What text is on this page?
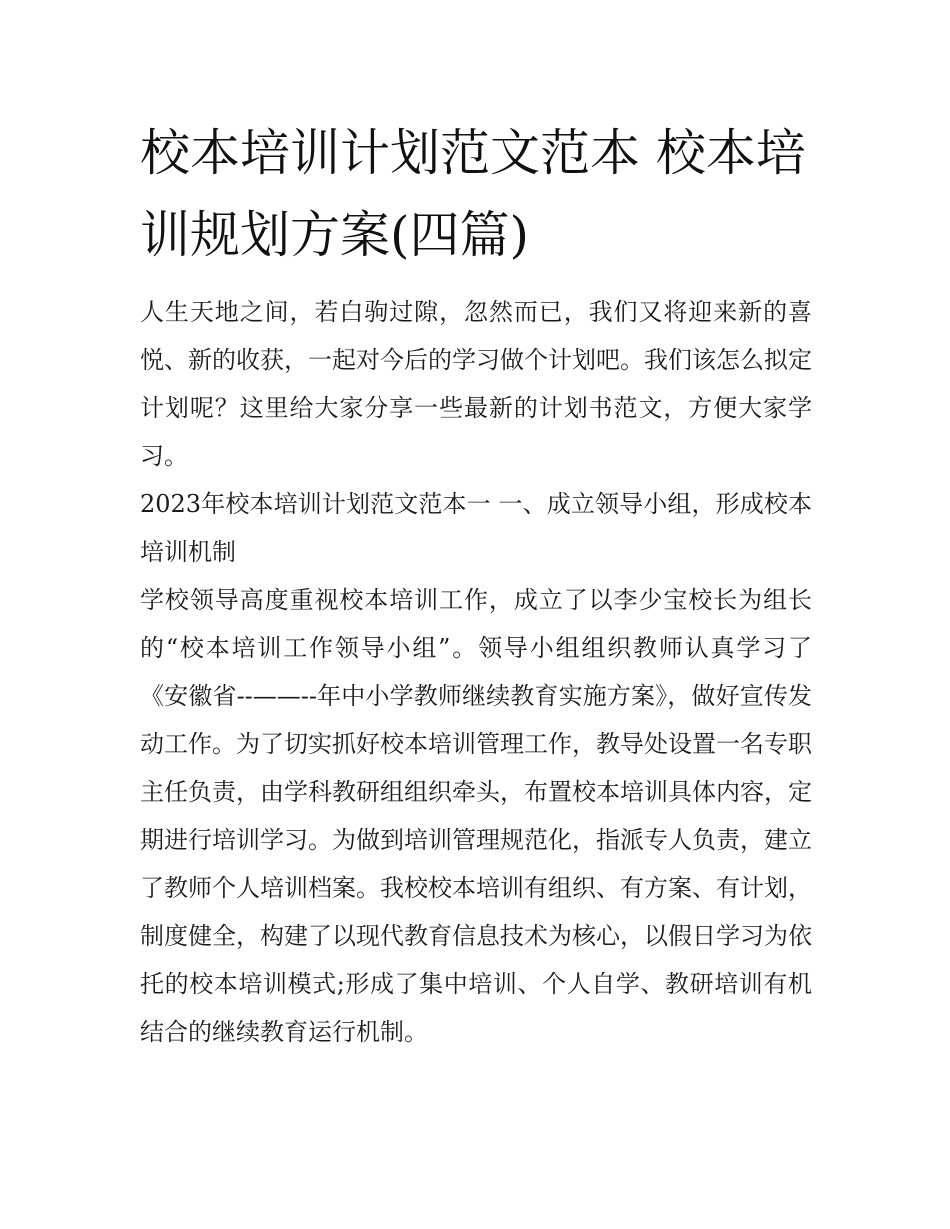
校本培训计划范文范本 校本培训规划方案(四篇)

人生天地之间，若白驹过隙，忽然而已，我们又将迎来新的喜悦、新的收获，一起对今后的学习做个计划吧。我们该怎么拟定计划呢？这里给大家分享一些最新的计划书范文，方便大家学习。

2023年校本培训计划范文范本一 一、成立领导小组，形成校本培训机制

学校领导高度重视校本培训工作，成立了以李少宝校长为组长的“校本培训工作领导小组”。领导小组组织教师认真学习了《安徽省--——--年中小学教师继续教育实施方案》，做好宣传发动工作。为了切实抓好校本培训管理工作，教导处设置一名专职主任负责，由学科教研组组织牵头，布置校本培训具体内容，定期进行培训学习。为做到培训管理规范化，指派专人负责，建立了教师个人培训档案。我校校本培训有组织、有方案、有计划，制度健全，构建了以现代教育信息技术为核心，以假日学习为依托的校本培训模式;形成了集中培训、个人自学、教研培训有机结合的继续教育运行机制。
